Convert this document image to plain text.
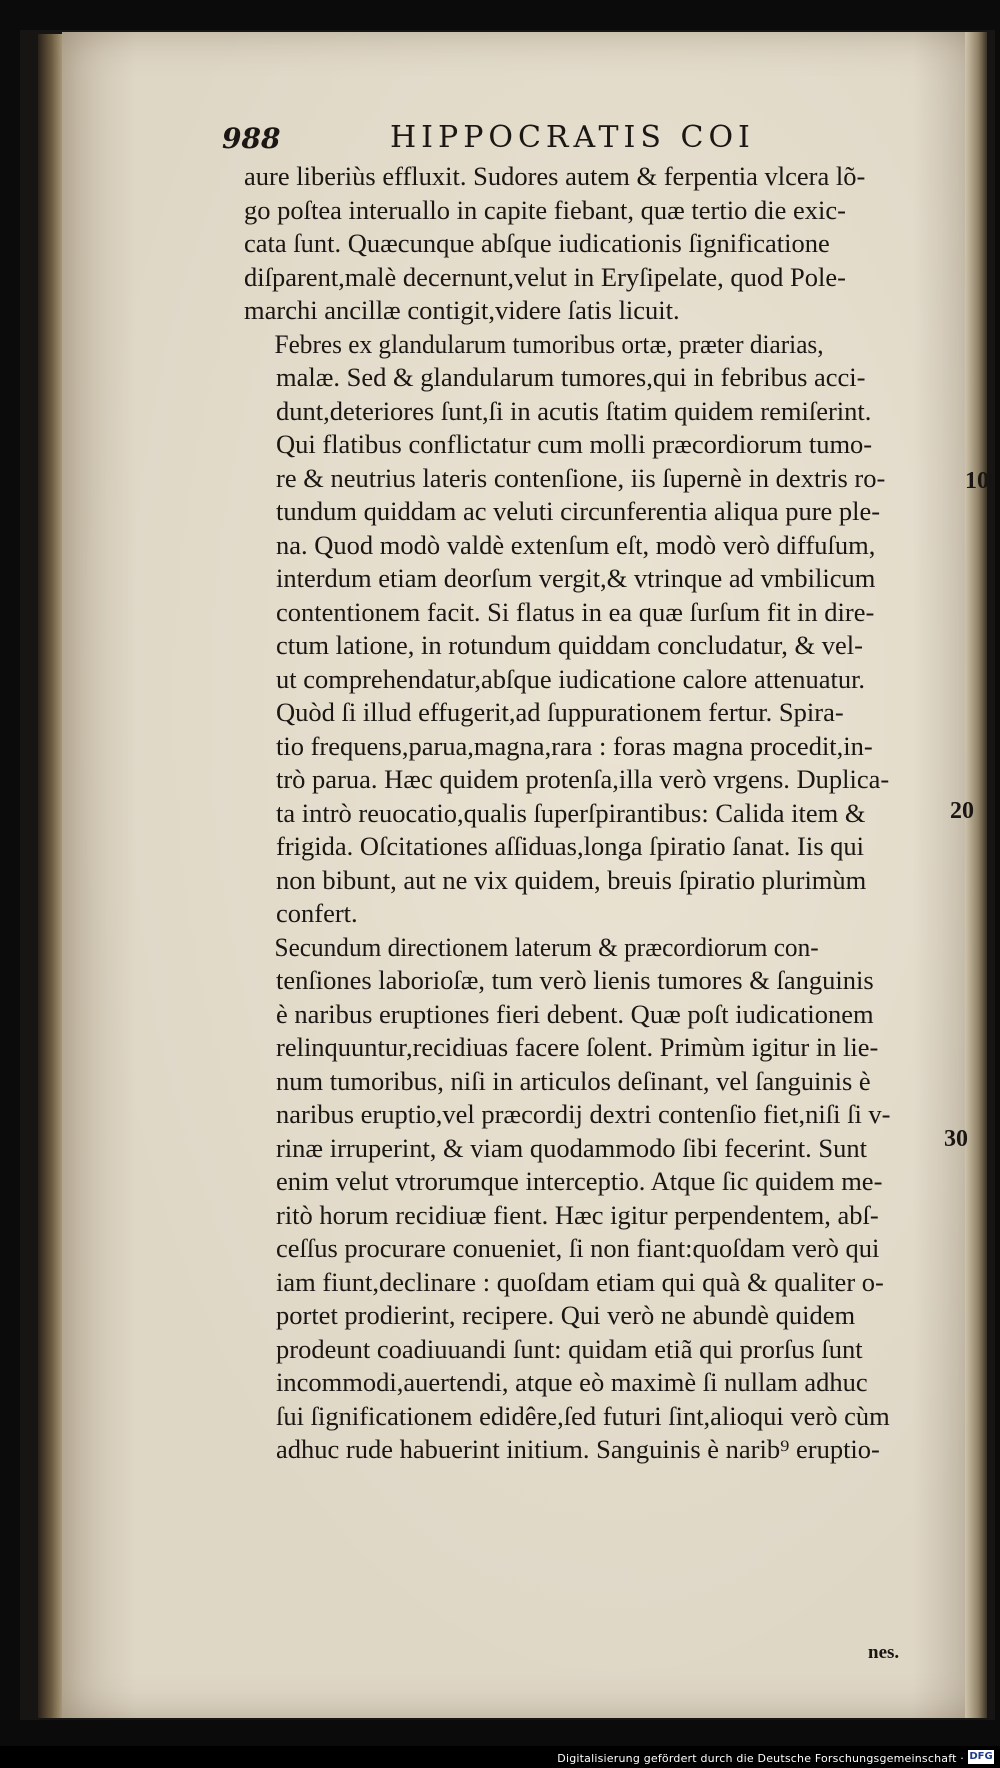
988	HIPPOCRATIS COI

aure liberiùs effluxit. Sudores autem & ferpentia vlcera lõ-
go poſtea interuallo in capite fiebant, quæ tertio die exic-
cata ſunt. Quæcunque abſque iudicationis ſignificatione
diſparent,malè decernunt,velut in Eryſipelate, quod Pole-
marchi ancillæ contigit,videre ſatis licuit.

Febres ex glandularum tumoribus ortæ, præter diarias,
malæ. Sed & glandularum tumores,qui in febribus acci-
dunt,deteriores ſunt,ſi in acutis ſtatim quidem remiſerint.
Qui flatibus conflictatur cum molli præcordiorum tumo-
re & neutrius lateris contenſione, iis ſupernè in dextris ro-
tundum quiddam ac veluti circunferentia aliqua pure ple-
na. Quod modò valdè extenſum eſt, modò verò diffuſum,
interdum etiam deorſum vergit,& vtrinque ad vmbilicum
contentionem facit. Si flatus in ea quæ ſurſum fit in dire-
ctum latione, in rotundum quiddam concludatur, & vel-
ut comprehendatur,abſque iudicatione calore attenuatur.
Quòd ſi illud effugerit,ad ſuppurationem fertur. Spira-
tio frequens,parua,magna,rara : foras magna procedit,in-
trò parua. Hæc quidem protenſa,illa verò vrgens. Duplica-
ta intrò reuocatio,qualis ſuperſpirantibus: Calida item &
frigida. Oſcitationes aſſiduas,longa ſpiratio ſanat. Iis qui
non bibunt, aut ne vix quidem, breuis ſpiratio plurimùm
confert.

Secundum directionem laterum & præcordiorum con-
tenſiones laborioſæ, tum verò lienis tumores & ſanguinis
è naribus eruptiones fieri debent. Quæ poſt iudicationem
relinquuntur,recidiuas facere ſolent. Primùm igitur in lie-
num tumoribus, niſi in articulos deſinant, vel ſanguinis è
naribus eruptio,vel præcordij dextri contenſio fiet,niſi ſi v-
rinæ irruperint, & viam quodammodo ſibi fecerint. Sunt
enim velut vtrorumque interceptio. Atque ſic quidem me-
ritò horum recidiuæ fient. Hæc igitur perpendentem, abſ-
ceſſus procurare conueniet, ſi non fiant:quoſdam verò qui
iam fiunt,declinare : quoſdam etiam qui quà & qualiter o-
portet prodierint, recipere. Qui verò ne abundè quidem
prodeunt coadiuuandi ſunt: quidam etiã qui prorſus ſunt
incommodi,auertendi, atque eò maximè ſi nullam adhuc
ſui ſignificationem edidêre,ſed futuri ſint,alioqui verò cùm
adhuc rude habuerint initium. Sanguinis è narib⁹ eruptio-

10
20
30
nes.
Digitalisierung gefördert durch die Deutsche Forschungsgemeinschaft · DFG
